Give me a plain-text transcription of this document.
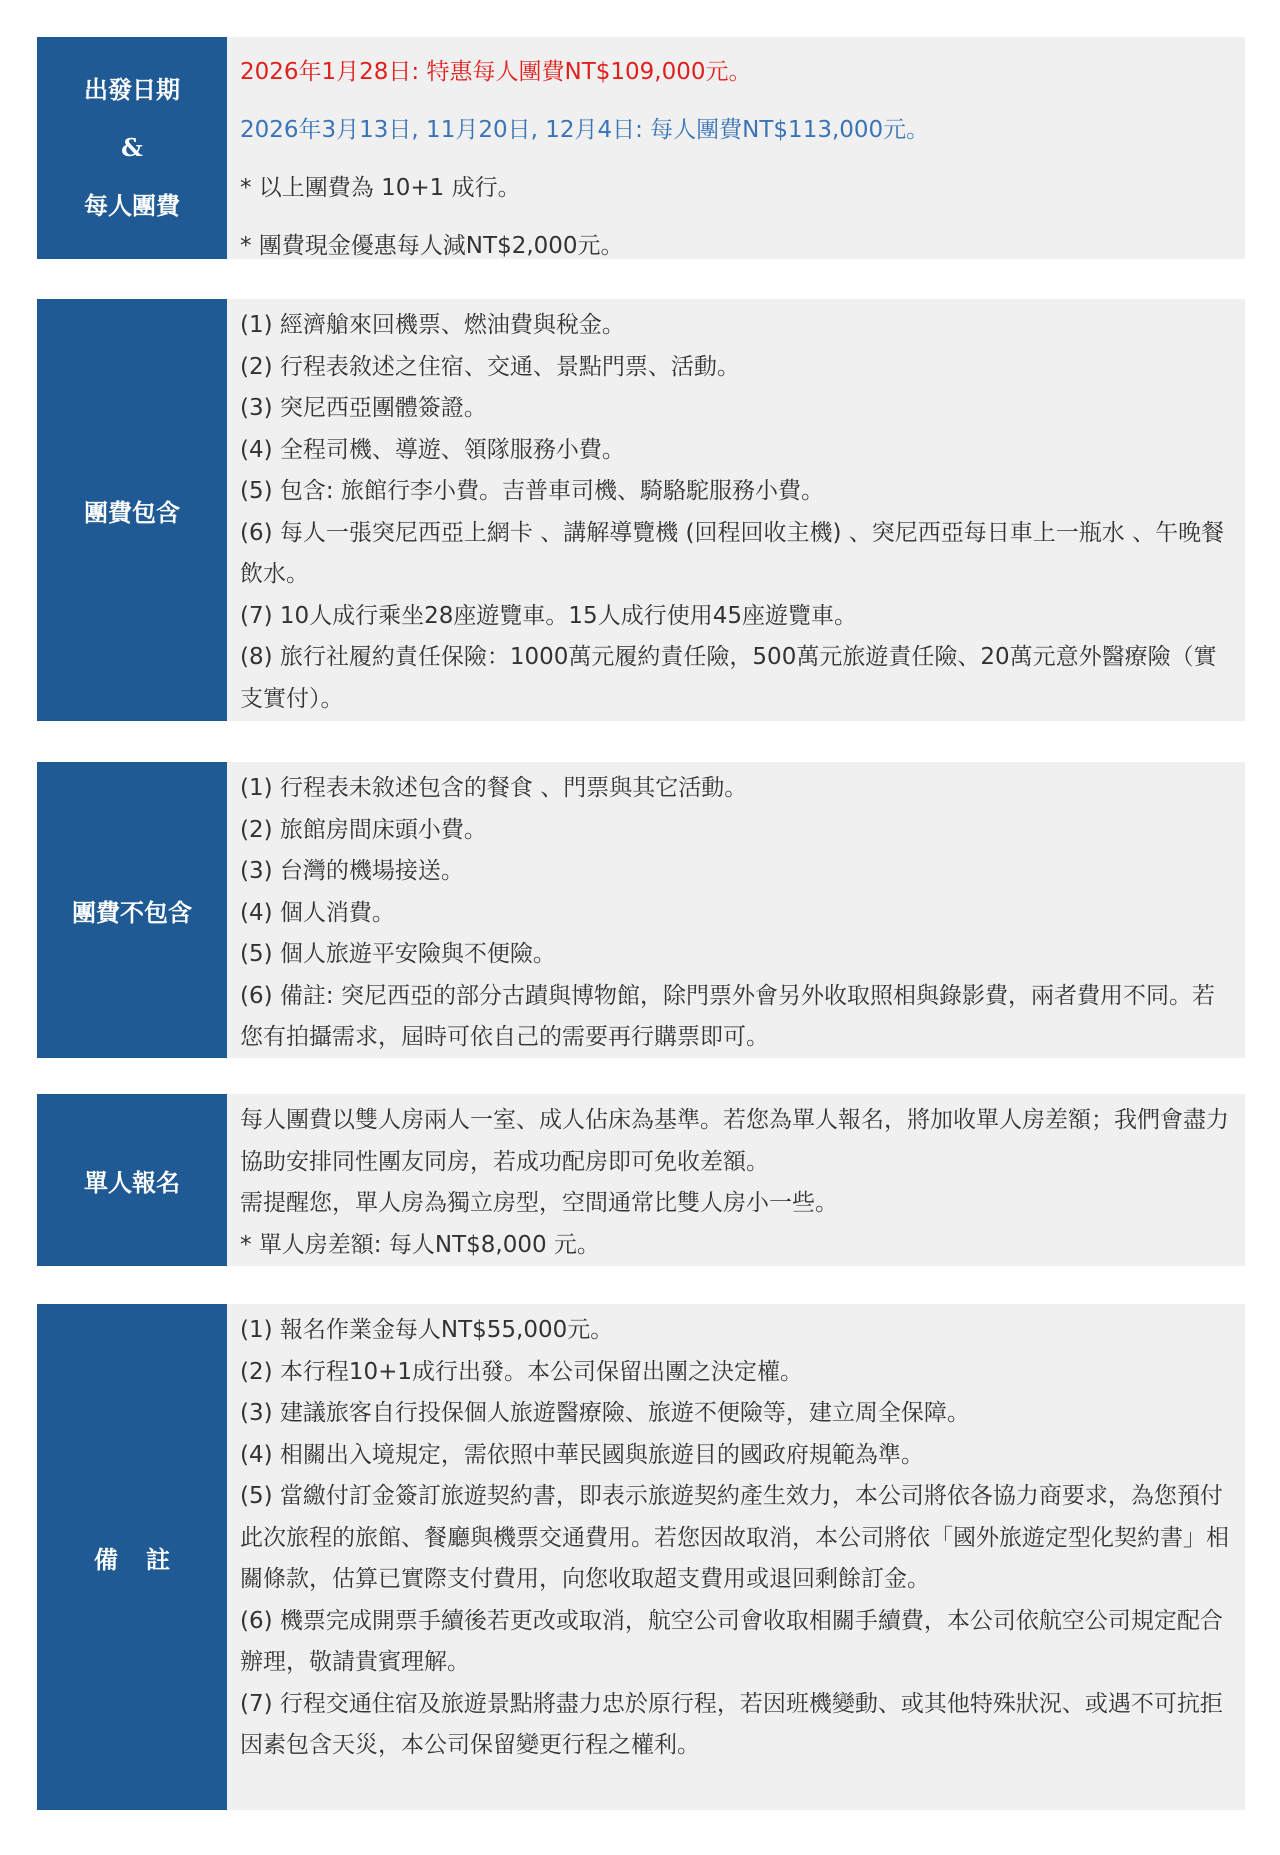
出發日期
&
每人團費
2026年1月28日: 特惠每人團費NT$109,000元。
2026年3月13日, 11月20日, 12月4日: 每人團費NT$113,000元。
* 以上團費為 10+1 成行。
* 團費現金優惠每人減NT$2,000元。
團費包含
(1) 經濟艙來回機票、燃油費與稅金。
(2) 行程表敘述之住宿、交通、景點門票、活動。
(3) 突尼西亞團體簽證。
(4) 全程司機、導遊、領隊服務小費。
(5) 包含: 旅館行李小費。吉普車司機、騎駱駝服務小費。
(6) 每人一張突尼西亞上網卡 、講解導覽機 (回程回收主機) 、突尼西亞每日車上一瓶水 、午晚餐飲水。
(7) 10人成行乘坐28座遊覽車。15人成行使用45座遊覽車。
(8) 旅行社履約責任保險：1000萬元履約責任險，500萬元旅遊責任險、20萬元意外醫療險（實支實付）。
團費不包含
(1) 行程表未敘述包含的餐食 、門票與其它活動。
(2) 旅館房間床頭小費。
(3) 台灣的機場接送。
(4) 個人消費。
(5) 個人旅遊平安險與不便險。
(6) 備註: 突尼西亞的部分古蹟與博物館，除門票外會另外收取照相與錄影費，兩者費用不同。若您有拍攝需求，屆時可依自己的需要再行購票即可。
單人報名
每人團費以雙人房兩人一室、成人佔床為基準。若您為單人報名，將加收單人房差額；我們會盡力協助安排同性團友同房，若成功配房即可免收差額。
需提醒您，單人房為獨立房型，空間通常比雙人房小一些。
* 單人房差額: 每人NT$8,000 元。
備註
(1) 報名作業金每人NT$55,000元。
(2) 本行程10+1成行出發。本公司保留出團之決定權。
(3) 建議旅客自行投保個人旅遊醫療險、旅遊不便險等，建立周全保障。
(4) 相關出入境規定，需依照中華民國與旅遊目的國政府規範為準。
(5) 當繳付訂金簽訂旅遊契約書，即表示旅遊契約產生效力，本公司將依各協力商要求，為您預付此次旅程的旅館、餐廳與機票交通費用。若您因故取消，本公司將依「國外旅遊定型化契約書」相關條款，估算已實際支付費用，向您收取超支費用或退回剩餘訂金。
(6) 機票完成開票手續後若更改或取消，航空公司會收取相關手續費，本公司依航空公司規定配合辦理，敬請貴賓理解。
(7) 行程交通住宿及旅遊景點將盡力忠於原行程，若因班機變動、或其他特殊狀況、或遇不可抗拒因素包含天災，本公司保留變更行程之權利。
